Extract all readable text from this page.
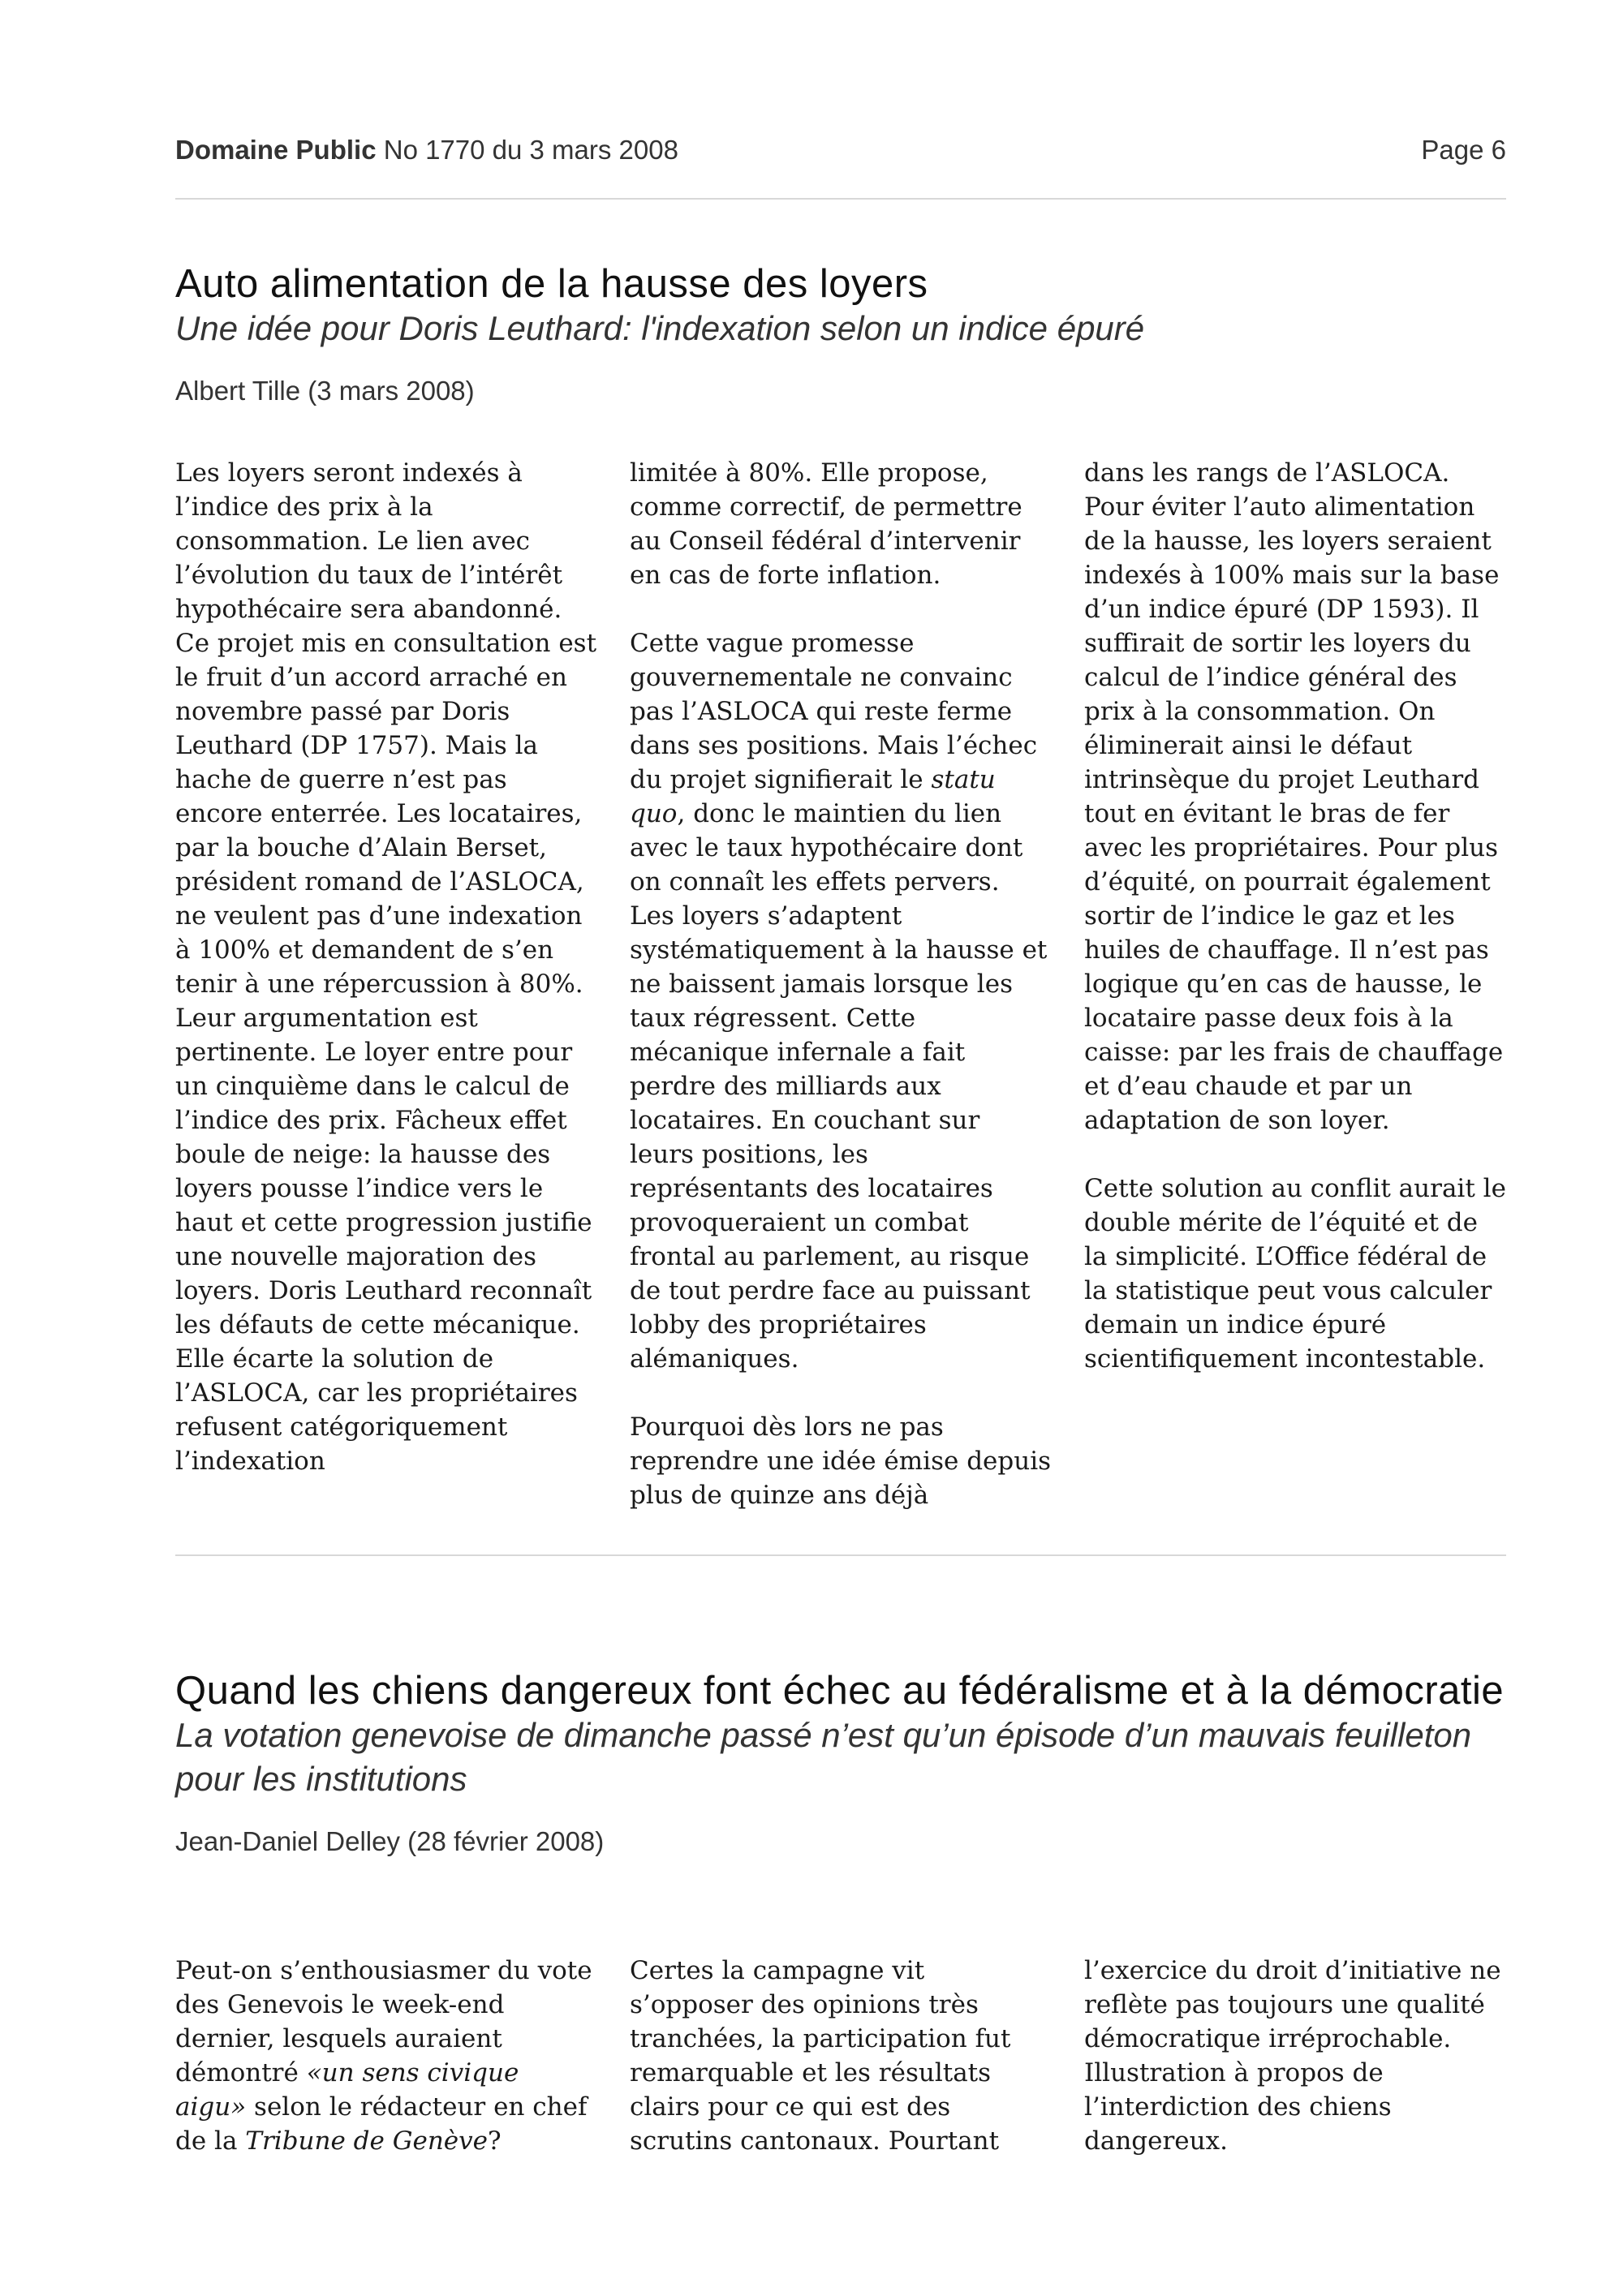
Domaine Public No 1770 du 3 mars 2008	Page 6
Auto alimentation de la hausse des loyers

Une idée pour Doris Leuthard: l'indexation selon un indice épuré

Albert Tille (3 mars 2008)

Les loyers seront indexés à l’indice des prix à la consommation. Le lien avec l’évolution du taux de l’intérêt hypothécaire sera abandonné. Ce projet mis en consultation est le fruit d’un accord arraché en novembre passé par Doris Leuthard (DP 1757). Mais la hache de guerre n’est pas encore enterrée. Les locataires, par la bouche d’Alain Berset, président romand de l’ASLOCA, ne veulent pas d’une indexation à 100% et demandent de s’en tenir à une répercussion à 80%. Leur argumentation est pertinente. Le loyer entre pour un cinquième dans le calcul de l’indice des prix. Fâcheux effet boule de neige: la hausse des loyers pousse l’indice vers le haut et cette progression justifie une nouvelle majoration des loyers. Doris Leuthard reconnaît les défauts de cette mécanique. Elle écarte la solution de l’ASLOCA, car les propriétaires refusent catégoriquement l’indexation

limitée à 80%. Elle propose, comme correctif, de permettre au Conseil fédéral d’intervenir en cas de forte inflation.

Cette vague promesse gouvernementale ne convainc pas l’ASLOCA qui reste ferme dans ses positions. Mais l’échec du projet signifierait le statu quo, donc le maintien du lien avec le taux hypothécaire dont on connaît les effets pervers. Les loyers s’adaptent systématiquement à la hausse et ne baissent jamais lorsque les taux régressent. Cette mécanique infernale a fait perdre des milliards aux locataires. En couchant sur leurs positions, les représentants des locataires provoqueraient un combat frontal au parlement, au risque de tout perdre face au puissant lobby des propriétaires alémaniques.

Pourquoi dès lors ne pas reprendre une idée émise depuis plus de quinze ans déjà

dans les rangs de l’ASLOCA. Pour éviter l’auto alimentation de la hausse, les loyers seraient indexés à 100% mais sur la base d’un indice épuré (DP 1593). Il suffirait de sortir les loyers du calcul de l’indice général des prix à la consommation. On éliminerait ainsi le défaut intrinsèque du projet Leuthard tout en évitant le bras de fer avec les propriétaires. Pour plus d’équité, on pourrait également sortir de l’indice le gaz et les huiles de chauffage. Il n’est pas logique qu’en cas de hausse, le locataire passe deux fois à la caisse: par les frais de chauffage et d’eau chaude et par un adaptation de son loyer.

Cette solution au conflit aurait le double mérite de l’équité et de la simplicité. L’Office fédéral de la statistique peut vous calculer demain un indice épuré scientifiquement incontestable.

Quand les chiens dangereux font échec au fédéralisme et à la démocratie

La votation genevoise de dimanche passé n’est qu’un épisode d’un mauvais feuilleton pour les institutions

Jean-Daniel Delley (28 février 2008)

Peut-on s’enthousiasmer du vote des Genevois le week-end dernier, lesquels auraient démontré «un sens civique aigu» selon le rédacteur en chef de la Tribune de Genève?

Certes la campagne vit s’opposer des opinions très tranchées, la participation fut remarquable et les résultats clairs pour ce qui est des scrutins cantonaux. Pourtant

l’exercice du droit d’initiative ne reflète pas toujours une qualité démocratique irréprochable. Illustration à propos de l’interdiction des chiens dangereux.
